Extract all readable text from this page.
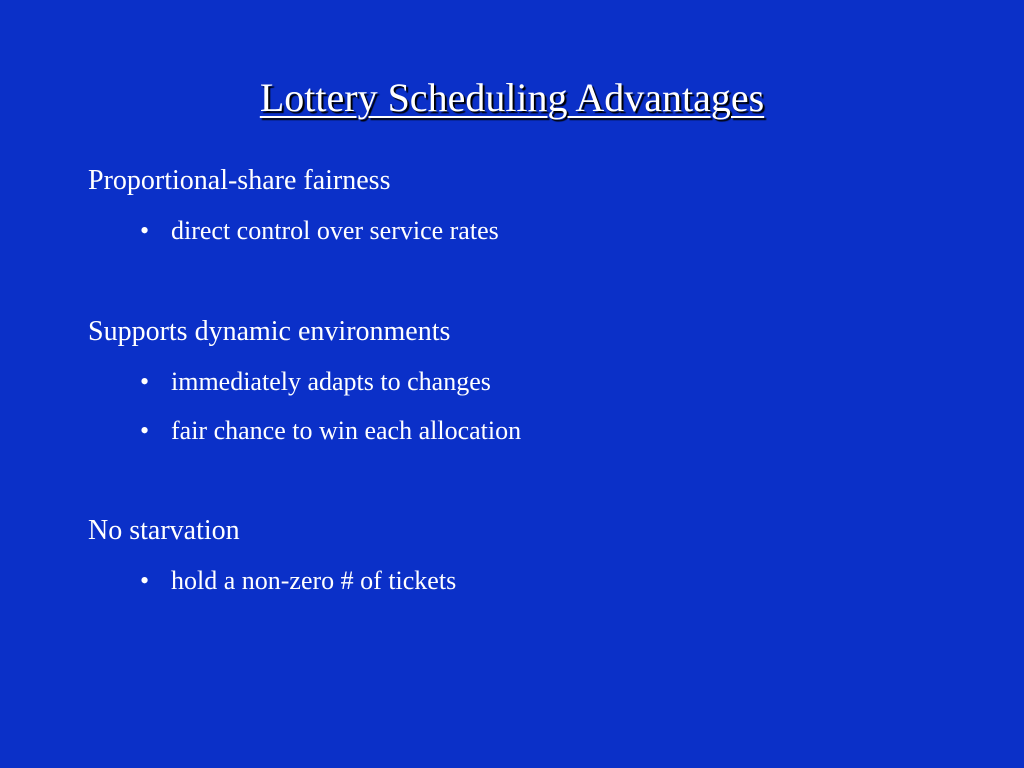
Lottery Scheduling Advantages
Proportional-share fairness
• direct control over service rates
Supports dynamic environments
• immediately adapts to changes
• fair chance to win each allocation
No starvation
• hold a non-zero # of tickets
